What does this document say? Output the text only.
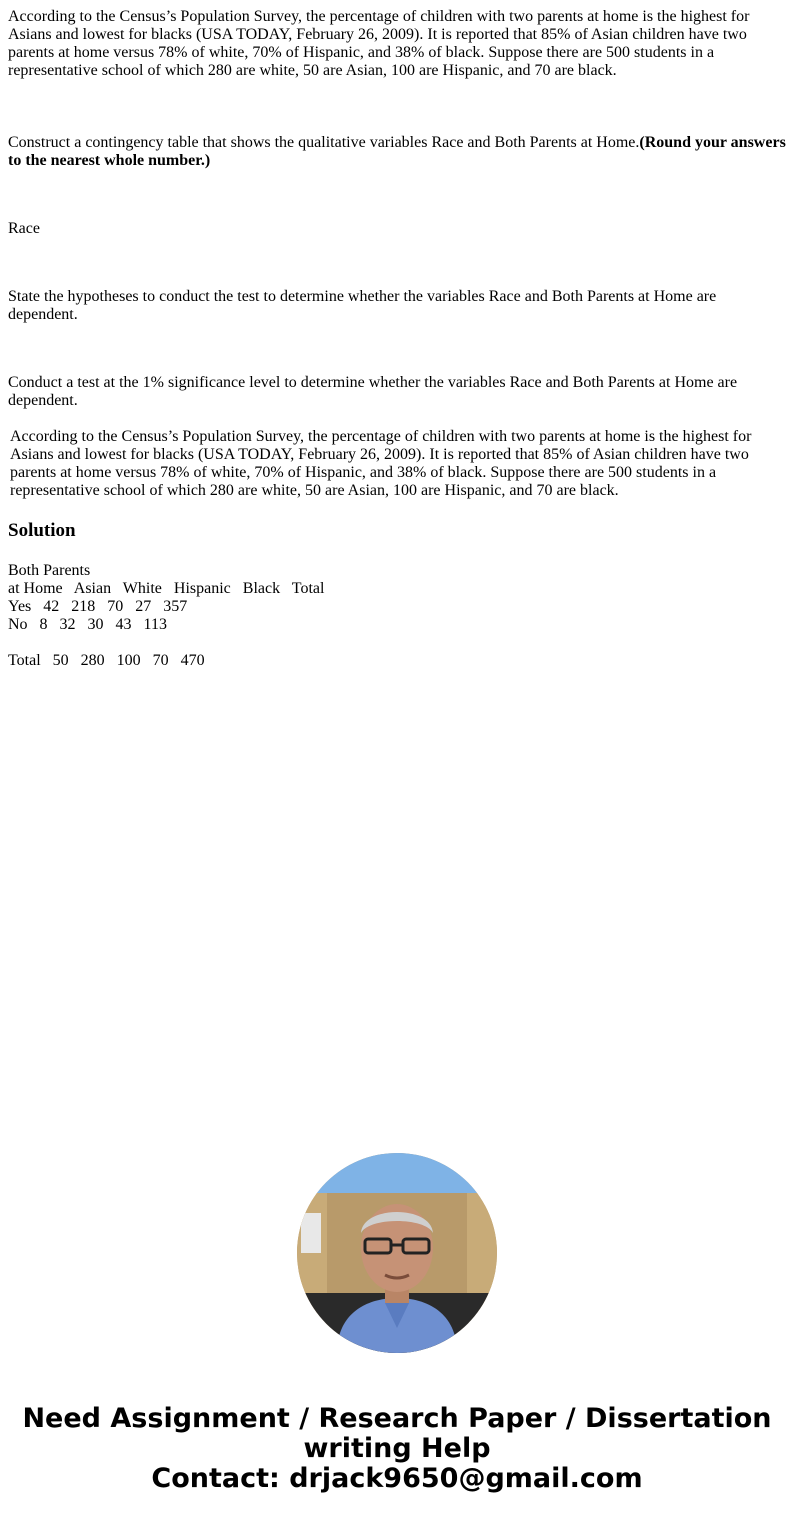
According to the Census’s Population Survey, the percentage of children with two parents at home is the highest for Asians and lowest for blacks (USA TODAY, February 26, 2009). It is reported that 85% of Asian children have two parents at home versus 78% of white, 70% of Hispanic, and 38% of black. Suppose there are 500 students in a representative school of which 280 are white, 50 are Asian, 100 are Hispanic, and 70 are black.

Construct a contingency table that shows the qualitative variables Race and Both Parents at Home.(Round your answers to the nearest whole number.)

Race

State the hypotheses to conduct the test to determine whether the variables Race and Both Parents at Home are dependent.

Conduct a test at the 1% significance level to determine whether the variables Race and Both Parents at Home are dependent.

According to the Census’s Population Survey, the percentage of children with two parents at home is the highest for Asians and lowest for blacks (USA TODAY, February 26, 2009). It is reported that 85% of Asian children have two parents at home versus 78% of white, 70% of Hispanic, and 38% of black. Suppose there are 500 students in a representative school of which 280 are white, 50 are Asian, 100 are Hispanic, and 70 are black.

Solution
Both Parents
at Home   Asian   White   Hispanic   Black   Total
Yes   42   218   70   27   357
No   8   32   30   43   113
Total   50   280   100   70   470
Need Assignment / Research Paper / Dissertation
writing Help
Contact: drjack9650@gmail.com
